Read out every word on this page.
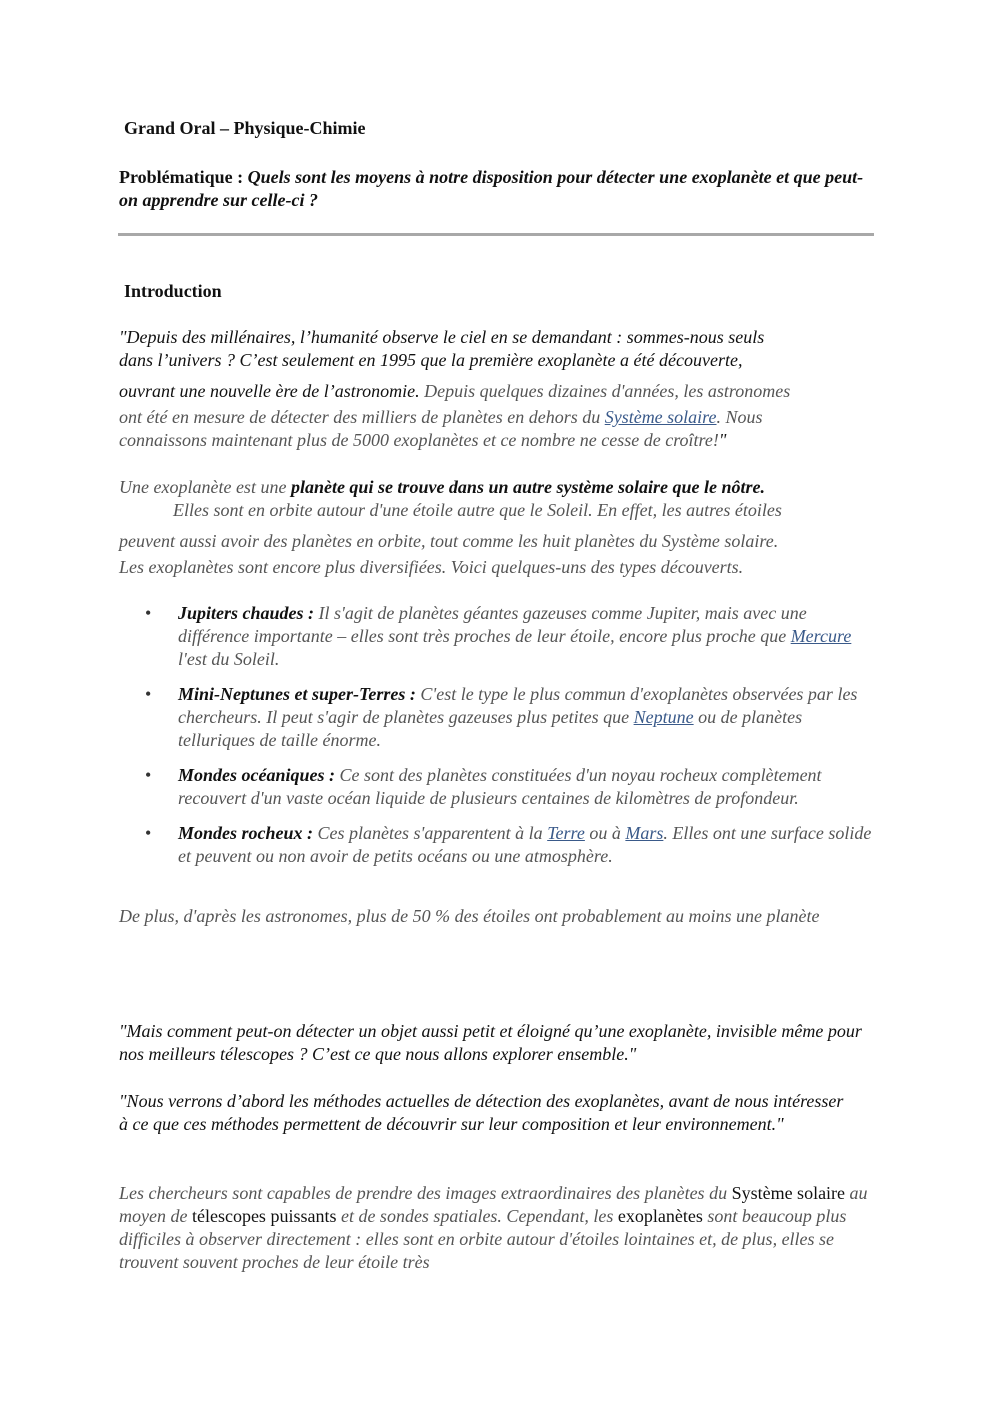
Grand Oral – Physique-Chimie
Problématique : Quels sont les moyens à notre disposition pour détecter une exoplanète et que peut-on apprendre sur celle-ci ?
Introduction
"Depuis des millénaires, l’humanité observe le ciel en se demandant : sommes-nous seuls
dans l’univers ? C’est seulement en 1995 que la première exoplanète a été découverte,
ouvrant une nouvelle ère de l’astronomie. Depuis quelques dizaines d'années, les astronomes
ont été en mesure de détecter des milliers de planètes en dehors du Système solaire. Nous
connaissons maintenant plus de 5000 exoplanètes et ce nombre ne cesse de croître!"
Une exoplanète est une planète qui se trouve dans un autre système solaire que le nôtre.
Elles sont en orbite autour d'une étoile autre que le Soleil. En effet, les autres étoiles
peuvent aussi avoir des planètes en orbite, tout comme les huit planètes du Système solaire.
Les exoplanètes sont encore plus diversifiées. Voici quelques-uns des types découverts.
• Jupiters chaudes : Il s'agit de planètes géantes gazeuses comme Jupiter, mais avec une différence importante – elles sont très proches de leur étoile, encore plus proche que Mercure l'est du Soleil.
• Mini-Neptunes et super-Terres : C'est le type le plus commun d'exoplanètes observées par les chercheurs. Il peut s'agir de planètes gazeuses plus petites que Neptune ou de planètes telluriques de taille énorme.
• Mondes océaniques : Ce sont des planètes constituées d'un noyau rocheux complètement recouvert d'un vaste océan liquide de plusieurs centaines de kilomètres de profondeur.
• Mondes rocheux : Ces planètes s'apparentent à la Terre ou à Mars. Elles ont une surface solide et peuvent ou non avoir de petits océans ou une atmosphère.
De plus, d'après les astronomes, plus de 50 % des étoiles ont probablement au moins une planète
"Mais comment peut-on détecter un objet aussi petit et éloigné qu’une exoplanète, invisible même pour nos meilleurs télescopes ? C’est ce que nous allons explorer ensemble."
"Nous verrons d’abord les méthodes actuelles de détection des exoplanètes, avant de nous intéresser à ce que ces méthodes permettent de découvrir sur leur composition et leur environnement."
Les chercheurs sont capables de prendre des images extraordinaires des planètes du Système solaire au moyen de télescopes puissants et de sondes spatiales. Cependant, les exoplanètes sont beaucoup plus difficiles à observer directement : elles sont en orbite autour d'étoiles lointaines et, de plus, elles se trouvent souvent proches de leur étoile très
